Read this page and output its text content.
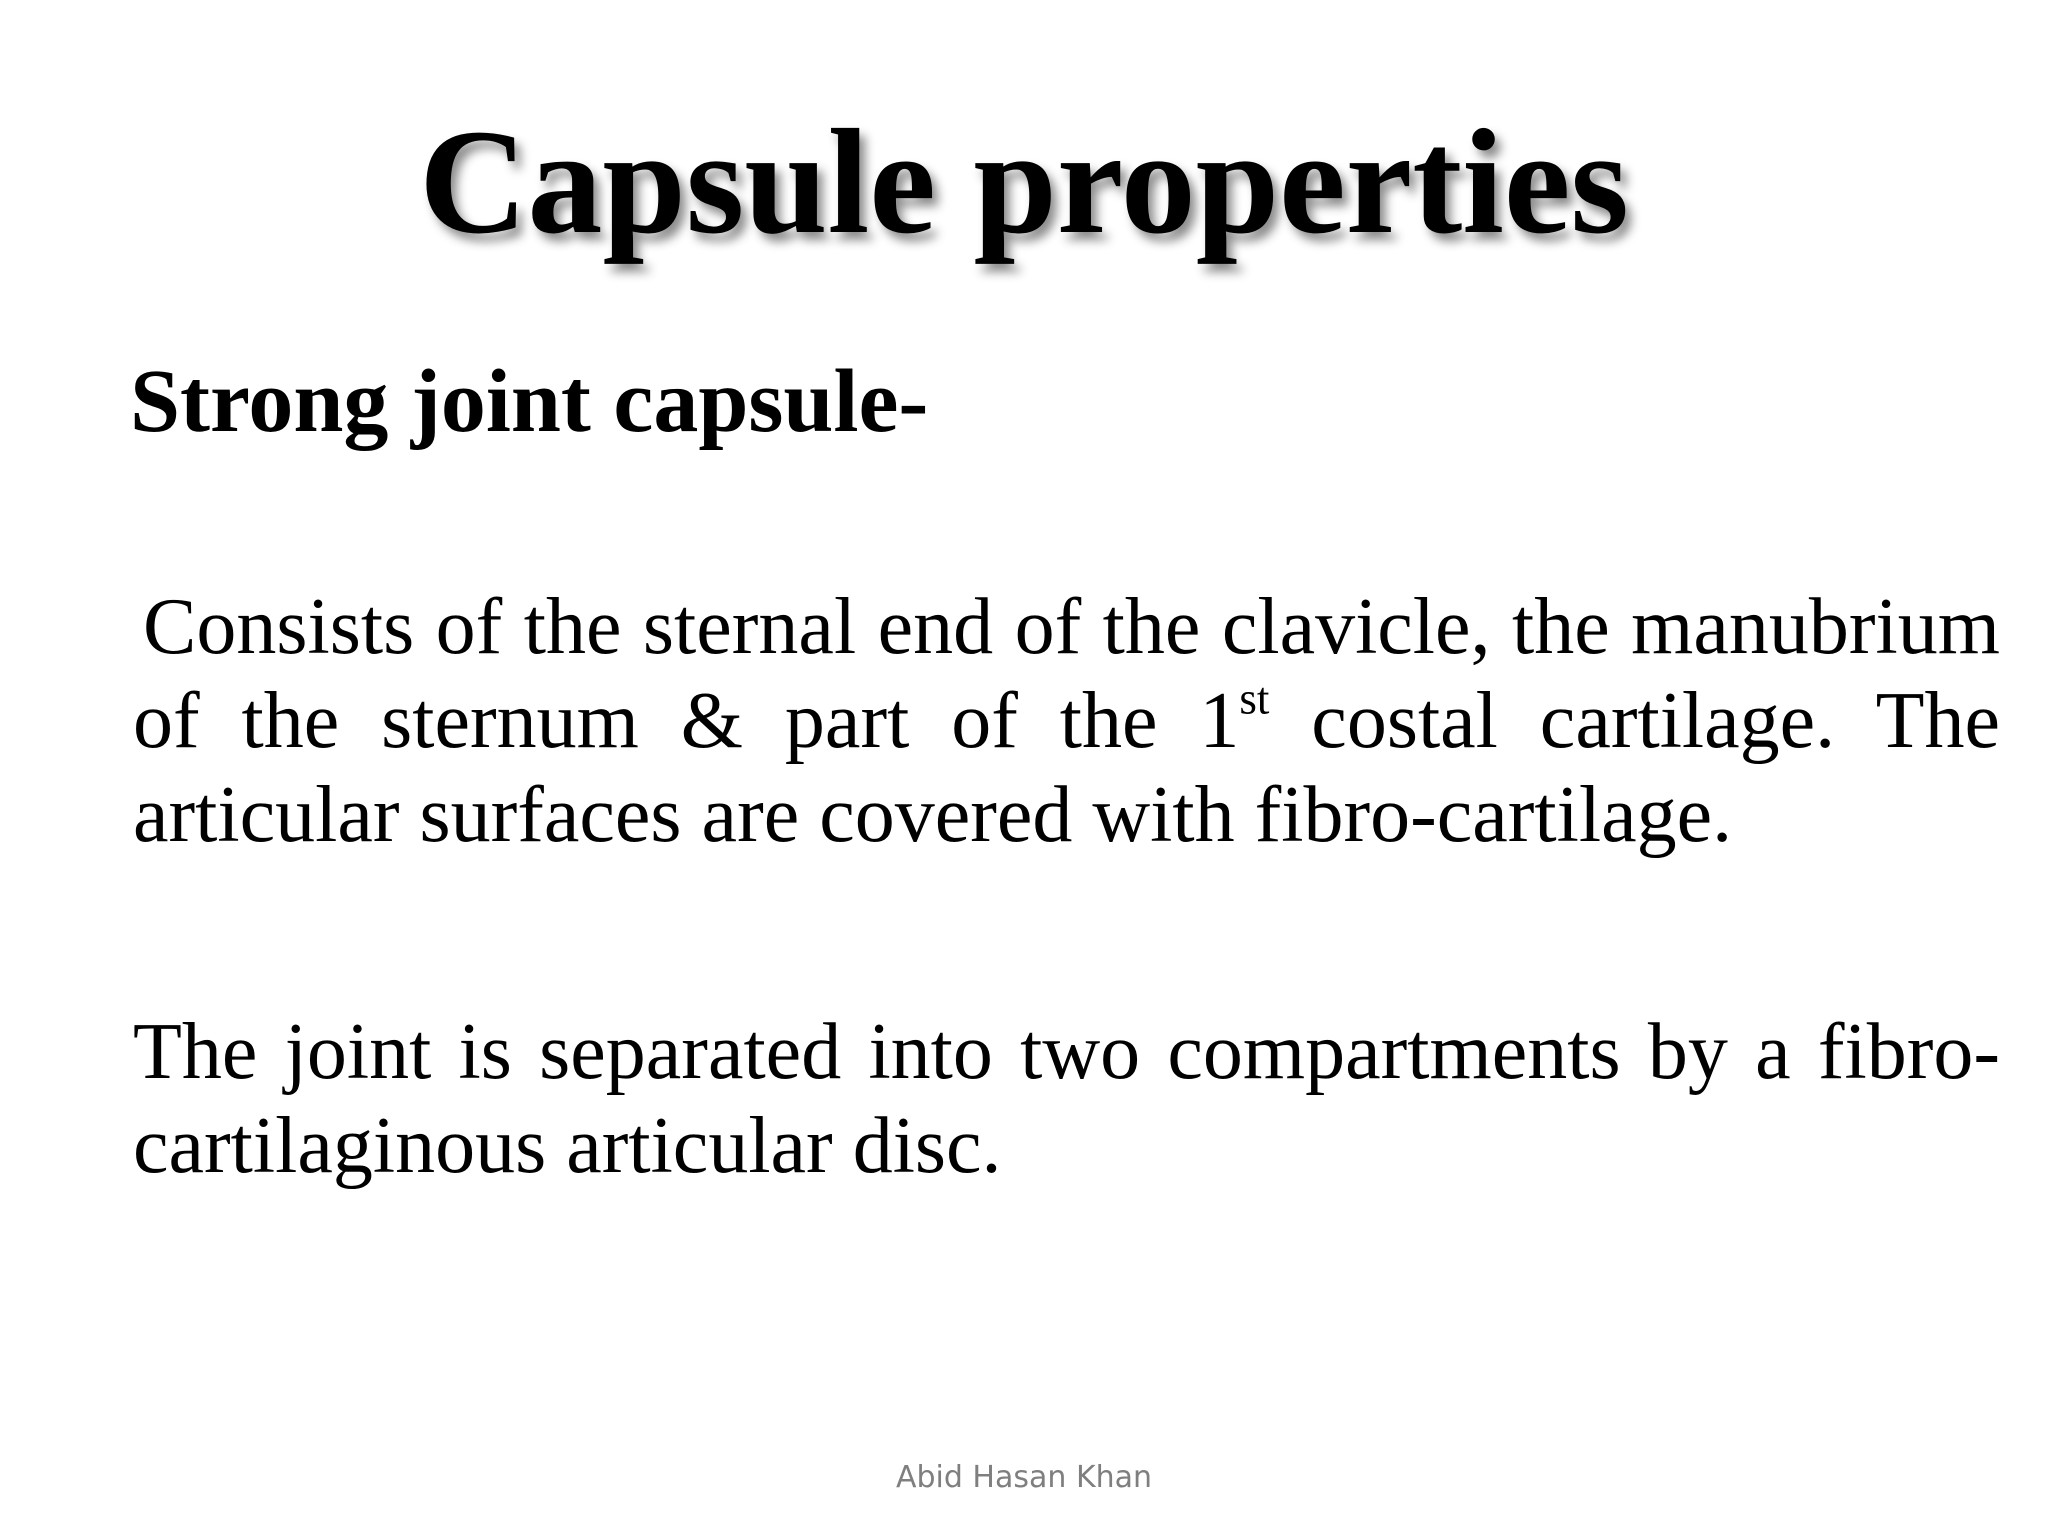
Capsule properties
Strong joint capsule-

Consists of the sternal end of the clavicle, the manubrium of the sternum & part of the 1st costal cartilage. The articular surfaces are covered with fibro-cartilage.

The joint is separated into two compartments by a fibro-cartilaginous articular disc.

Abid Hasan Khan
